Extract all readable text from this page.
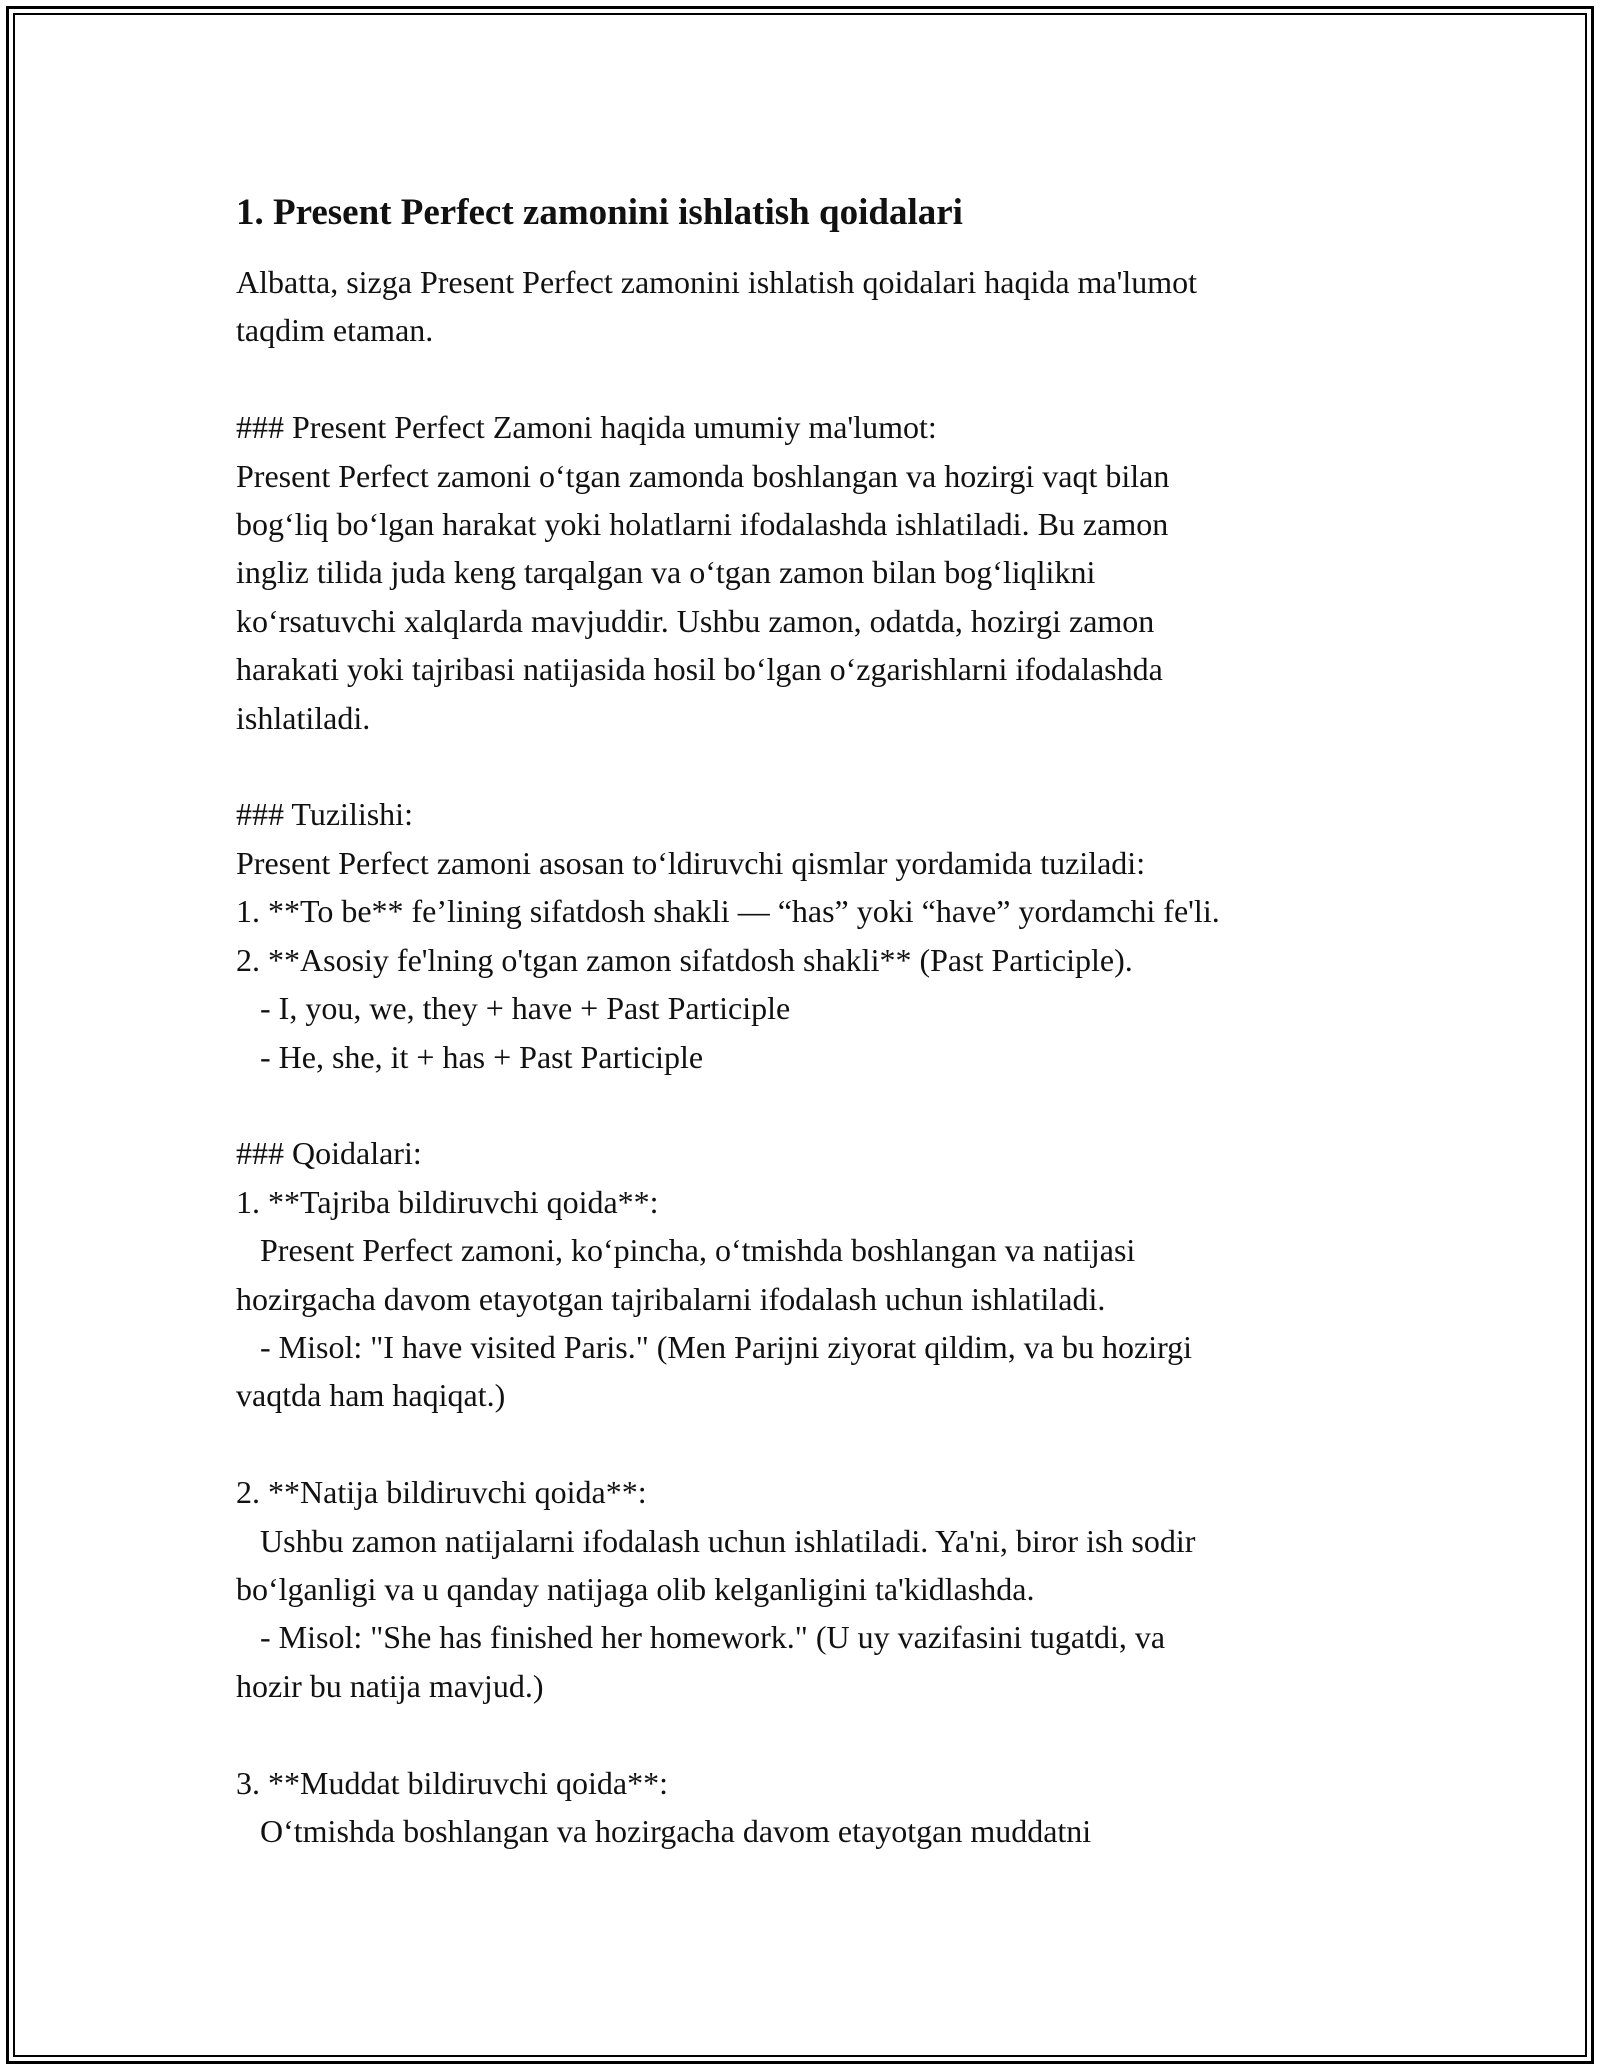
1. Present Perfect zamonini ishlatish qoidalari

Albatta, sizga Present Perfect zamonini ishlatish qoidalari haqida ma'lumot
taqdim etaman.

### Present Perfect Zamoni haqida umumiy ma'lumot:
Present Perfect zamoni o‘tgan zamonda boshlangan va hozirgi vaqt bilan
bog‘liq bo‘lgan harakat yoki holatlarni ifodalashda ishlatiladi. Bu zamon
ingliz tilida juda keng tarqalgan va o‘tgan zamon bilan bog‘liqlikni
ko‘rsatuvchi xalqlarda mavjuddir. Ushbu zamon, odatda, hozirgi zamon
harakati yoki tajribasi natijasida hosil bo‘lgan o‘zgarishlarni ifodalashda
ishlatiladi.

### Tuzilishi:
Present Perfect zamoni asosan to‘ldiruvchi qismlar yordamida tuziladi:
1. **To be** fe’lining sifatdosh shakli — “has” yoki “have” yordamchi fe'li.
2. **Asosiy fe'lning o'tgan zamon sifatdosh shakli** (Past Participle).
- I, you, we, they + have + Past Participle
- He, she, it + has + Past Participle

### Qoidalari:
1. **Tajriba bildiruvchi qoida**:
Present Perfect zamoni, ko‘pincha, o‘tmishda boshlangan va natijasi
hozirgacha davom etayotgan tajribalarni ifodalash uchun ishlatiladi.
- Misol: "I have visited Paris." (Men Parijni ziyorat qildim, va bu hozirgi
vaqtda ham haqiqat.)

2. **Natija bildiruvchi qoida**:
Ushbu zamon natijalarni ifodalash uchun ishlatiladi. Ya'ni, biror ish sodir
bo‘lganligi va u qanday natijaga olib kelganligini ta'kidlashda.
- Misol: "She has finished her homework." (U uy vazifasini tugatdi, va
hozir bu natija mavjud.)

3. **Muddat bildiruvchi qoida**:
O‘tmishda boshlangan va hozirgacha davom etayotgan muddatni
